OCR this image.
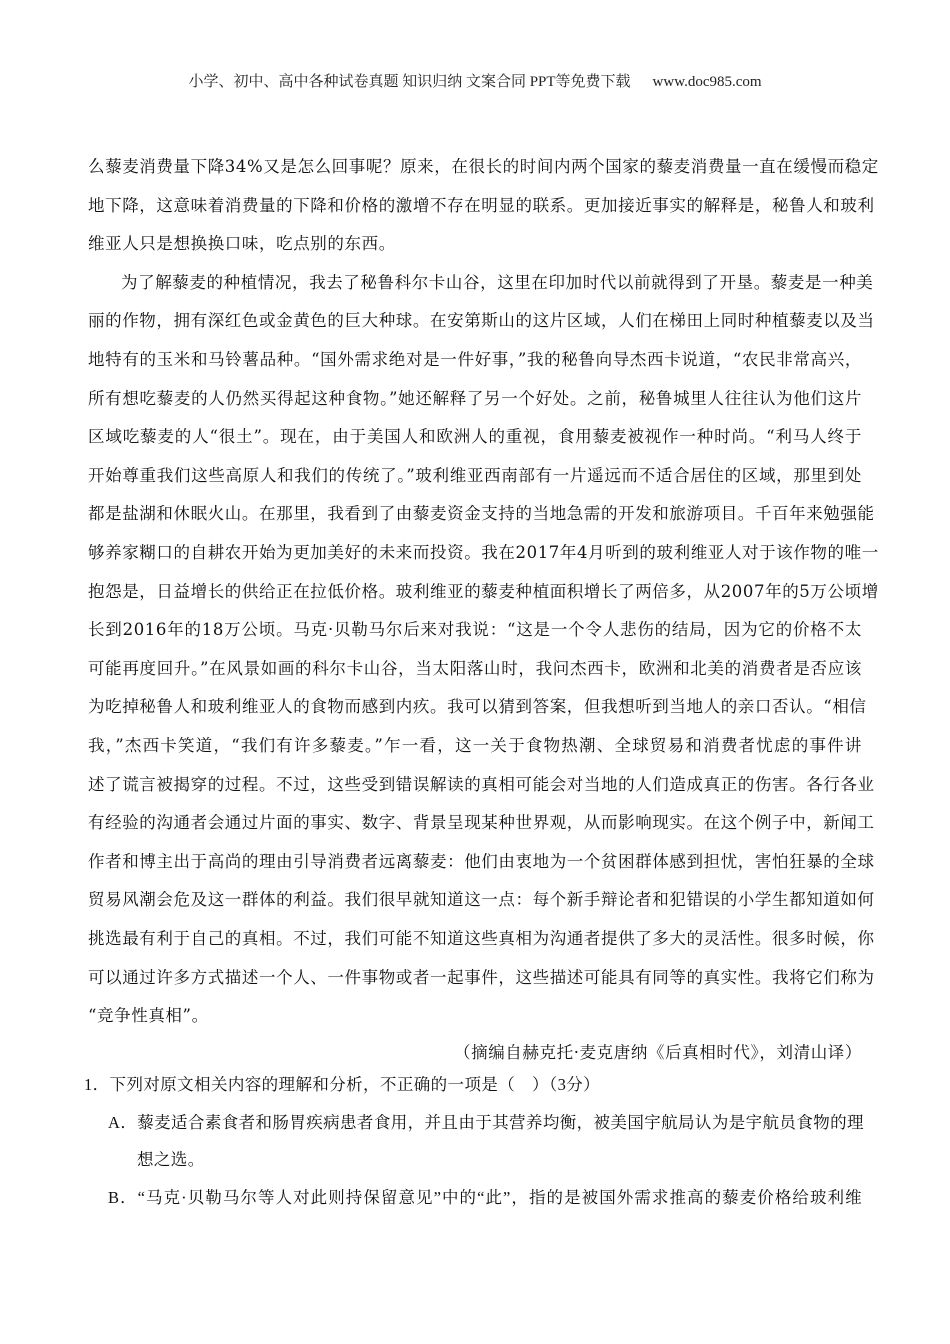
小学、初中、高中各种试卷真题 知识归纳 文案合同 PPT等免费下载 www.doc985.com
么藜麦消费量下降34%又是怎么回事呢？原来，在很长的时间内两个国家的藜麦消费量一直在缓慢而稳定
地下降，这意味着消费量的下降和价格的激增不存在明显的联系。更加接近事实的解释是，秘鲁人和玻利
维亚人只是想换换口味，吃点别的东西。
为了解藜麦的种植情况，我去了秘鲁科尔卡山谷，这里在印加时代以前就得到了开垦。藜麦是一种美
丽的作物，拥有深红色或金黄色的巨大种球。在安第斯山的这片区域，人们在梯田上同时种植藜麦以及当
地特有的玉米和马铃薯品种。“国外需求绝对是一件好事，”我的秘鲁向导杰西卡说道，“农民非常高兴，
所有想吃藜麦的人仍然买得起这种食物。”她还解释了另一个好处。之前，秘鲁城里人往往认为他们这片
区域吃藜麦的人“很土”。现在，由于美国人和欧洲人的重视，食用藜麦被视作一种时尚。“利马人终于
开始尊重我们这些高原人和我们的传统了。”玻利维亚西南部有一片遥远而不适合居住的区域，那里到处
都是盐湖和休眠火山。在那里，我看到了由藜麦资金支持的当地急需的开发和旅游项目。千百年来勉强能
够养家糊口的自耕农开始为更加美好的未来而投资。我在2017年4月听到的玻利维亚人对于该作物的唯一
抱怨是，日益增长的供给正在拉低价格。玻利维亚的藜麦种植面积增长了两倍多，从2007年的5万公顷增
长到2016年的18万公顷。马克·贝勒马尔后来对我说：“这是一个令人悲伤的结局，因为它的价格不太
可能再度回升。”在风景如画的科尔卡山谷，当太阳落山时，我问杰西卡，欧洲和北美的消费者是否应该
为吃掉秘鲁人和玻利维亚人的食物而感到内疚。我可以猜到答案，但我想听到当地人的亲口否认。“相信
我，”杰西卡笑道，“我们有许多藜麦。”乍一看，这一关于食物热潮、全球贸易和消费者忧虑的事件讲
述了谎言被揭穿的过程。不过，这些受到错误解读的真相可能会对当地的人们造成真正的伤害。各行各业
有经验的沟通者会通过片面的事实、数字、背景呈现某种世界观，从而影响现实。在这个例子中，新闻工
作者和博主出于高尚的理由引导消费者远离藜麦：他们由衷地为一个贫困群体感到担忧，害怕狂暴的全球
贸易风潮会危及这一群体的利益。我们很早就知道这一点：每个新手辩论者和犯错误的小学生都知道如何
挑选最有利于自己的真相。不过，我们可能不知道这些真相为沟通者提供了多大的灵活性。很多时候，你
可以通过许多方式描述一个人、一件事物或者一起事件，这些描述可能具有同等的真实性。我将它们称为
“竞争性真相”。
（摘编自赫克托·麦克唐纳《后真相时代》，刘清山译）
1．下列对原文相关内容的理解和分析，不正确的一项是（　）（3分）
A．藜麦适合素食者和肠胃疾病患者食用，并且由于其营养均衡，被美国宇航局认为是宇航员食物的理
想之选。
B．“马克·贝勒马尔等人对此则持保留意见”中的“此”，指的是被国外需求推高的藜麦价格给玻利维
